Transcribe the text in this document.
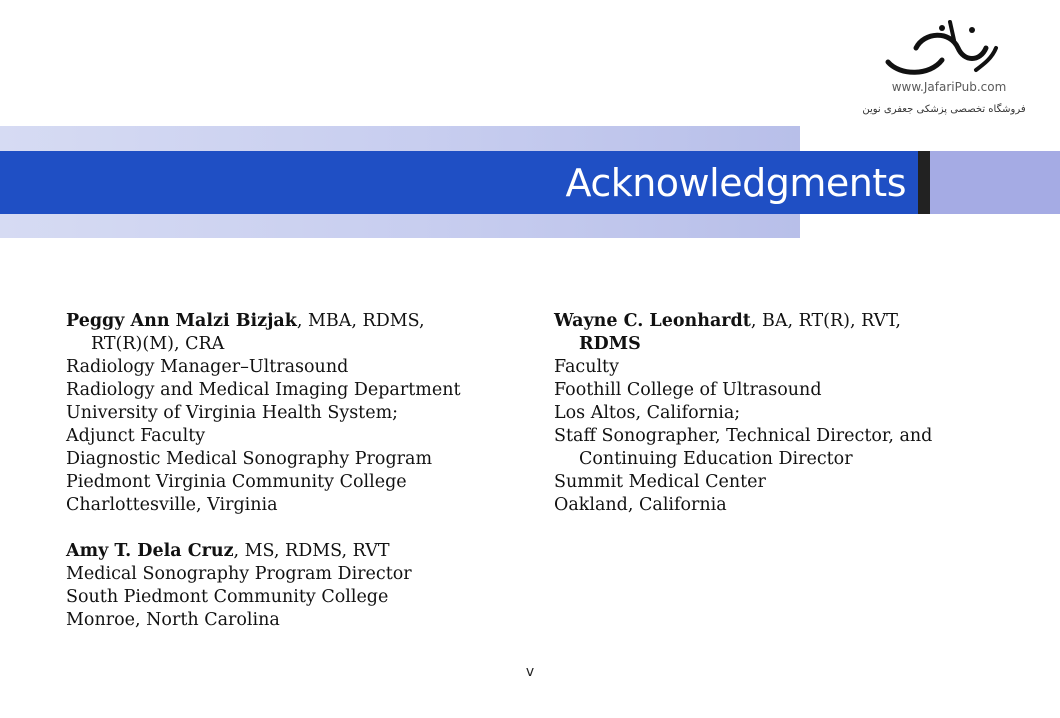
www.JafariPub.com
فروشگاه تخصصی پزشکی جعفری نوین
Acknowledgments

Peggy Ann Malzi Bizjak, MBA, RDMS,

RT(R)(M), CRA

Radiology Manager–Ultrasound

Radiology and Medical Imaging Department

University of Virginia Health System;

Adjunct Faculty

Diagnostic Medical Sonography Program

Piedmont Virginia Community College

Charlottesville, Virginia

Amy T. Dela Cruz, MS, RDMS, RVT

Medical Sonography Program Director

South Piedmont Community College

Monroe, North Carolina

Wayne C. Leonhardt, BA, RT(R), RVT,

RDMS

Faculty

Foothill College of Ultrasound

Los Altos, California;

Staff Sonographer, Technical Director, and

Continuing Education Director

Summit Medical Center

Oakland, California

v
